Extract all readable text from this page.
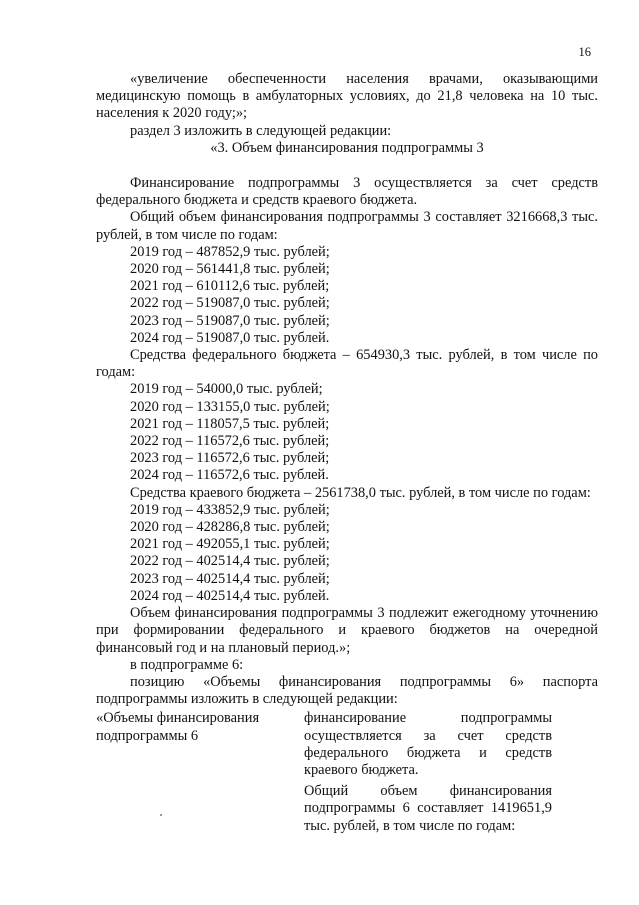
16

«увеличение обеспеченности населения врачами, оказывающими медицинскую помощь в амбулаторных условиях, до 21,8 человека на 10 тыс. населения к 2020 году;»;

раздел 3 изложить в следующей редакции:

«3. Объем финансирования подпрограммы 3

Финансирование подпрограммы 3 осуществляется за счет средств федерального бюджета и средств краевого бюджета.

Общий объем финансирования подпрограммы 3 составляет 3216668,3 тыс. рублей, в том числе по годам:

2019 год – 487852,9 тыс. рублей;

2020 год – 561441,8 тыс. рублей;

2021 год – 610112,6 тыс. рублей;

2022 год – 519087,0 тыс. рублей;

2023 год – 519087,0 тыс. рублей;

2024 год – 519087,0 тыс. рублей.

Средства федерального бюджета – 654930,3 тыс. рублей, в том числе по годам:

2019 год – 54000,0 тыс. рублей;

2020 год – 133155,0 тыс. рублей;

2021 год – 118057,5 тыс. рублей;

2022 год – 116572,6 тыс. рублей;

2023 год – 116572,6 тыс. рублей;

2024 год – 116572,6 тыс. рублей.

Средства краевого бюджета – 2561738,0 тыс. рублей, в том числе по годам:

2019 год – 433852,9 тыс. рублей;

2020 год – 428286,8 тыс. рублей;

2021 год – 492055,1 тыс. рублей;

2022 год – 402514,4 тыс. рублей;

2023 год – 402514,4 тыс. рублей;

2024 год – 402514,4 тыс. рублей.

Объем финансирования подпрограммы 3 подлежит ежегодному уточнению при формировании федерального и краевого бюджетов на очередной финансовый год и на плановый период.»;

в подпрограмме 6:

позицию «Объемы финансирования подпрограммы 6» паспорта подпрограммы изложить в следующей редакции:

«Объемы финансирования подпрограммы 6

финансирование подпрограммы осуществляется за счет средств федерального бюджета и средств краевого бюджета.

Общий объем финансирования подпрограммы 6 составляет 1419651,9 тыс. рублей, в том числе по годам:
